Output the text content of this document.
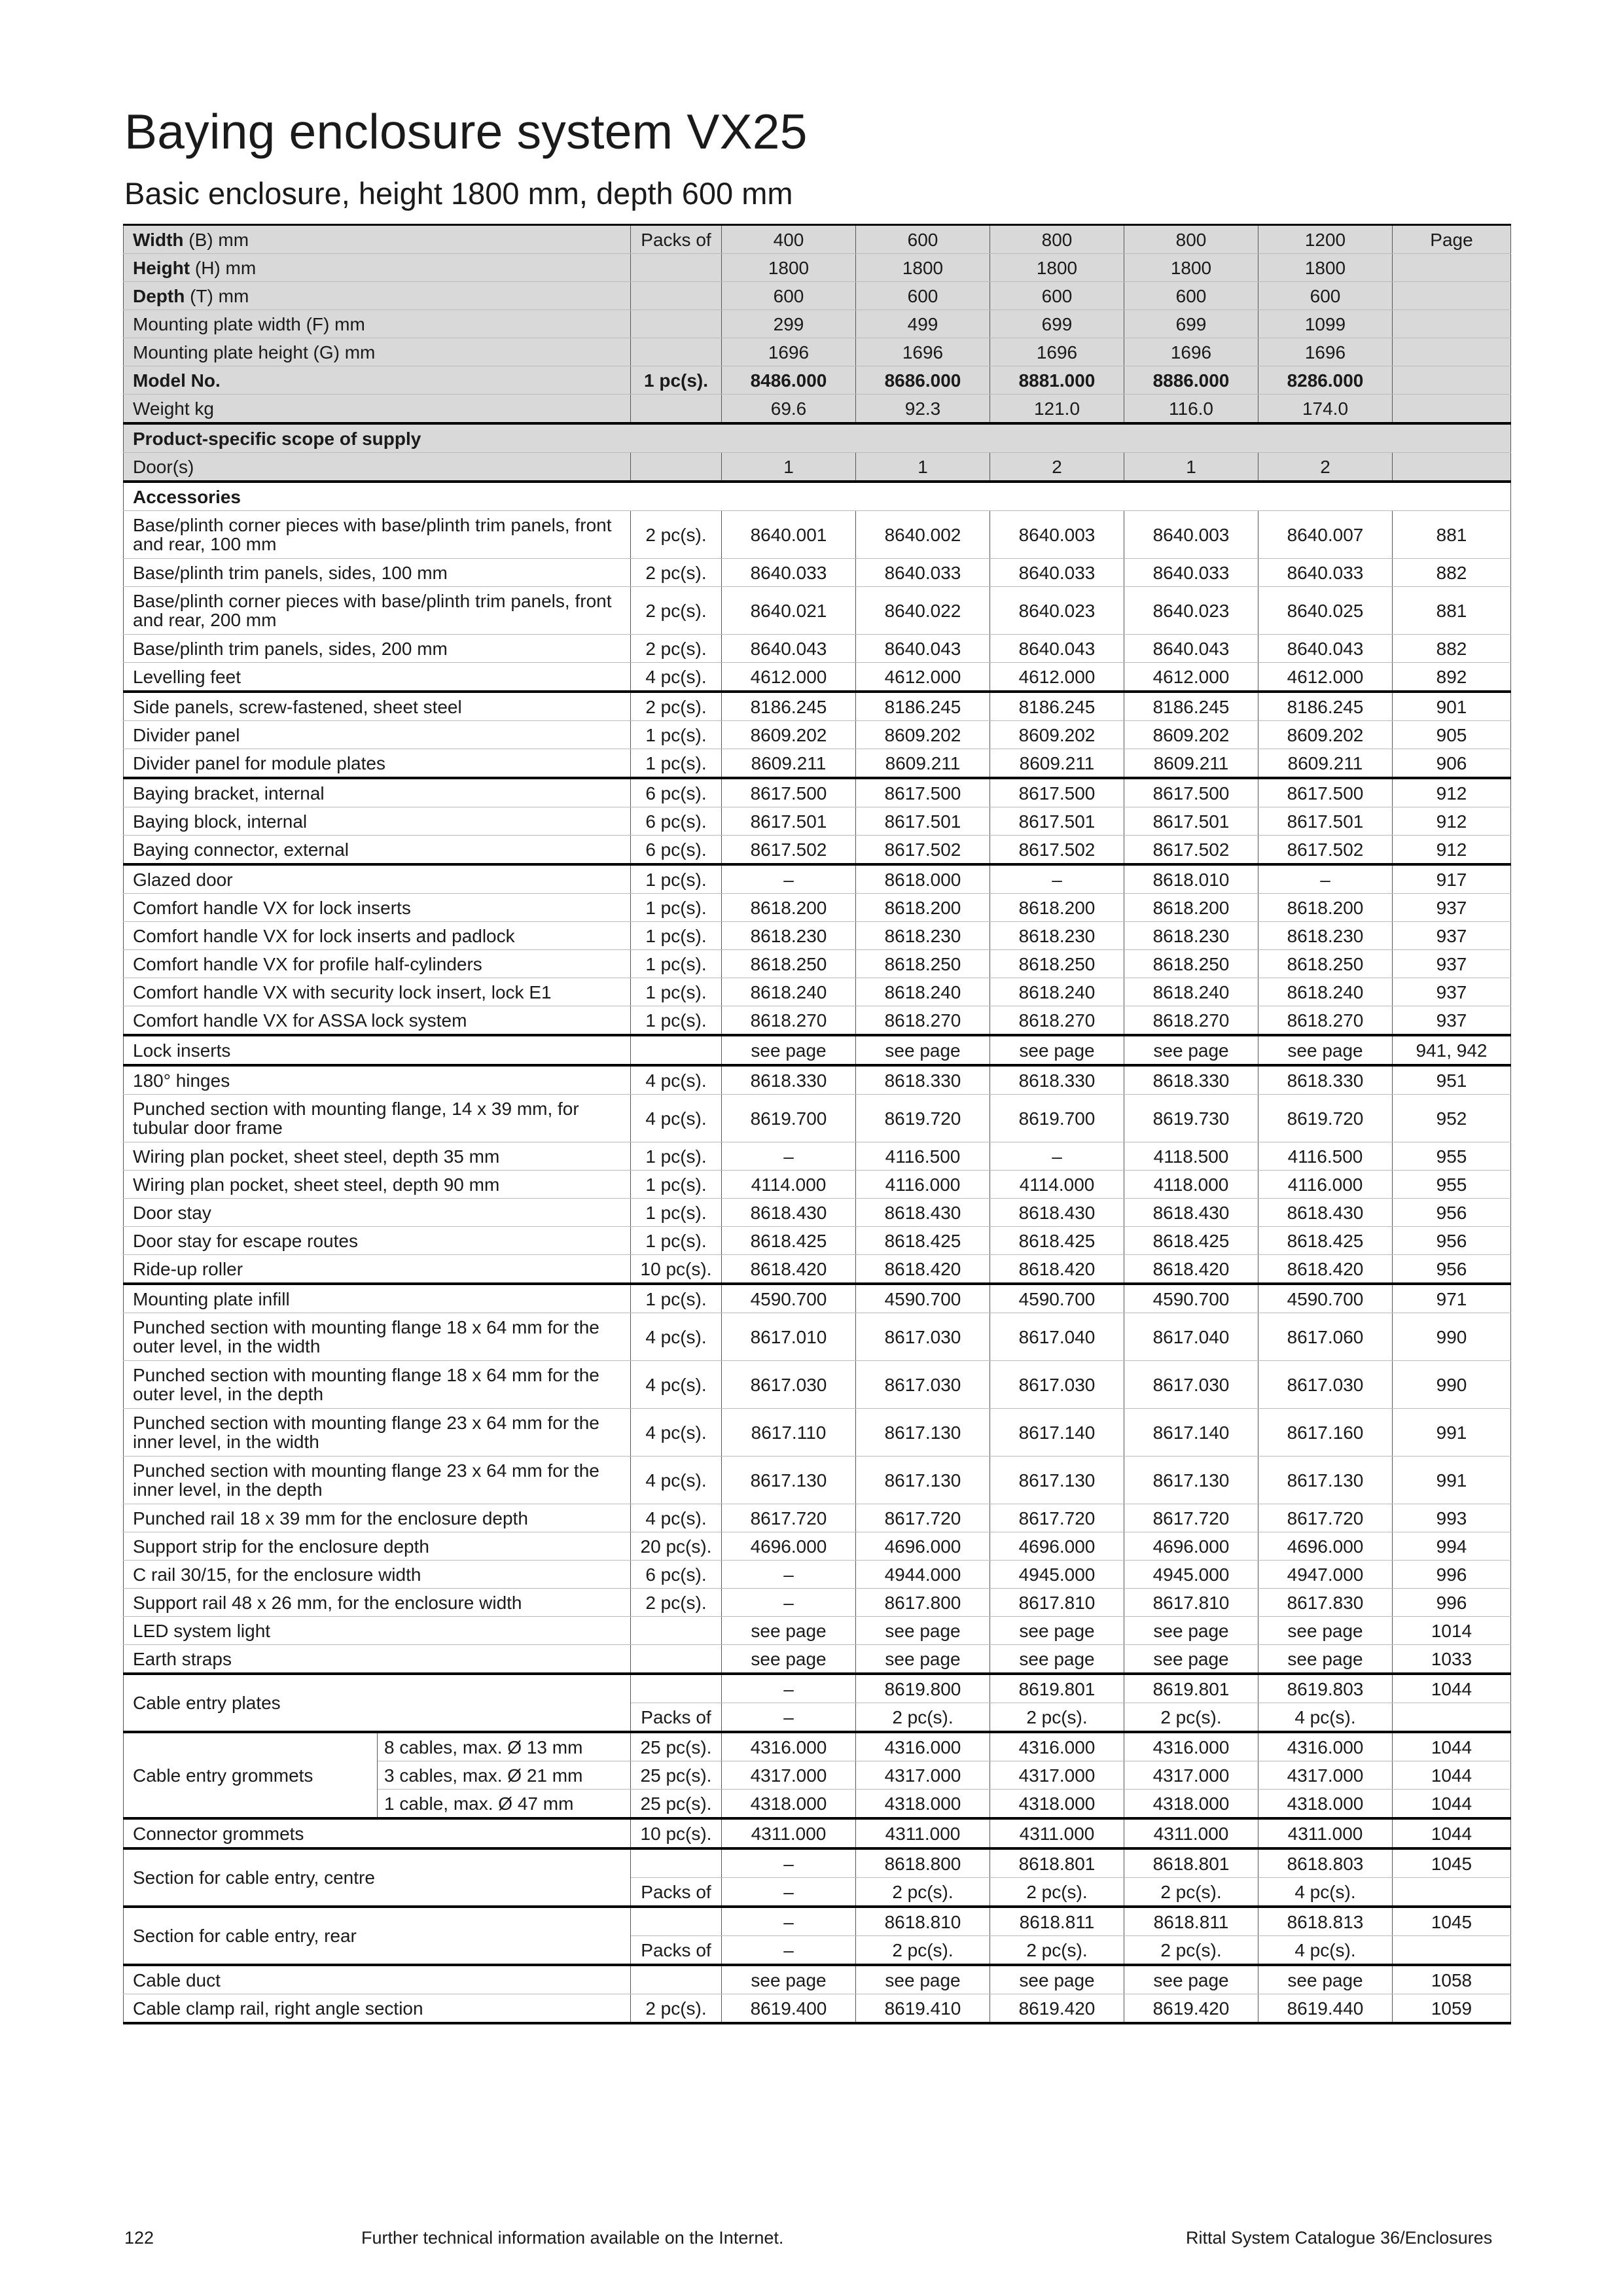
Baying enclosure system VX25
Basic enclosure, height 1800 mm, depth 600 mm
Width (B) mm		Packs of	400	600	800	800	1200	Page
Height (H) mm			1800	1800	1800	1800	1800	
Depth (T) mm			600	600	600	600	600	
Mounting plate width (F) mm			299	499	699	699	1099	
Mounting plate height (G) mm			1696	1696	1696	1696	1696	
Model No.		1 pc(s).	8486.000	8686.000	8881.000	8886.000	8286.000	
Weight kg			69.6	92.3	121.0	116.0	174.0	
Product-specific scope of supply								
Door(s)			1	1	2	1	2	
Accessories								
Base/plinth corner pieces with base/plinth trim panels, front and rear, 100 mm		2 pc(s).	8640.001	8640.002	8640.003	8640.003	8640.007	881
Base/plinth trim panels, sides, 100 mm		2 pc(s).	8640.033	8640.033	8640.033	8640.033	8640.033	882
Base/plinth corner pieces with base/plinth trim panels, front and rear, 200 mm		2 pc(s).	8640.021	8640.022	8640.023	8640.023	8640.025	881
Base/plinth trim panels, sides, 200 mm		2 pc(s).	8640.043	8640.043	8640.043	8640.043	8640.043	882
Levelling feet		4 pc(s).	4612.000	4612.000	4612.000	4612.000	4612.000	892
Side panels, screw-fastened, sheet steel		2 pc(s).	8186.245	8186.245	8186.245	8186.245	8186.245	901
Divider panel		1 pc(s).	8609.202	8609.202	8609.202	8609.202	8609.202	905
Divider panel for module plates		1 pc(s).	8609.211	8609.211	8609.211	8609.211	8609.211	906
Baying bracket, internal		6 pc(s).	8617.500	8617.500	8617.500	8617.500	8617.500	912
Baying block, internal		6 pc(s).	8617.501	8617.501	8617.501	8617.501	8617.501	912
Baying connector, external		6 pc(s).	8617.502	8617.502	8617.502	8617.502	8617.502	912
Glazed door		1 pc(s).	–	8618.000	–	8618.010	–	917
Comfort handle VX for lock inserts		1 pc(s).	8618.200	8618.200	8618.200	8618.200	8618.200	937
Comfort handle VX for lock inserts and padlock		1 pc(s).	8618.230	8618.230	8618.230	8618.230	8618.230	937
Comfort handle VX for profile half-cylinders		1 pc(s).	8618.250	8618.250	8618.250	8618.250	8618.250	937
Comfort handle VX with security lock insert, lock E1		1 pc(s).	8618.240	8618.240	8618.240	8618.240	8618.240	937
Comfort handle VX for ASSA lock system		1 pc(s).	8618.270	8618.270	8618.270	8618.270	8618.270	937
Lock inserts			see page	see page	see page	see page	see page	941, 942
180° hinges		4 pc(s).	8618.330	8618.330	8618.330	8618.330	8618.330	951
Punched section with mounting flange, 14 x 39 mm, for tubular door frame		4 pc(s).	8619.700	8619.720	8619.700	8619.730	8619.720	952
Wiring plan pocket, sheet steel, depth 35 mm		1 pc(s).	–	4116.500	–	4118.500	4116.500	955
Wiring plan pocket, sheet steel, depth 90 mm		1 pc(s).	4114.000	4116.000	4114.000	4118.000	4116.000	955
Door stay		1 pc(s).	8618.430	8618.430	8618.430	8618.430	8618.430	956
Door stay for escape routes		1 pc(s).	8618.425	8618.425	8618.425	8618.425	8618.425	956
Ride-up roller		10 pc(s).	8618.420	8618.420	8618.420	8618.420	8618.420	956
Mounting plate infill		1 pc(s).	4590.700	4590.700	4590.700	4590.700	4590.700	971
Punched section with mounting flange 18 x 64 mm for the outer level, in the width		4 pc(s).	8617.010	8617.030	8617.040	8617.040	8617.060	990
Punched section with mounting flange 18 x 64 mm for the outer level, in the depth		4 pc(s).	8617.030	8617.030	8617.030	8617.030	8617.030	990
Punched section with mounting flange 23 x 64 mm for the inner level, in the width		4 pc(s).	8617.110	8617.130	8617.140	8617.140	8617.160	991
Punched section with mounting flange 23 x 64 mm for the inner level, in the depth		4 pc(s).	8617.130	8617.130	8617.130	8617.130	8617.130	991
Punched rail 18 x 39 mm for the enclosure depth		4 pc(s).	8617.720	8617.720	8617.720	8617.720	8617.720	993
Support strip for the enclosure depth		20 pc(s).	4696.000	4696.000	4696.000	4696.000	4696.000	994
C rail 30/15, for the enclosure width		6 pc(s).	–	4944.000	4945.000	4945.000	4947.000	996
Support rail 48 x 26 mm, for the enclosure width		2 pc(s).	–	8617.800	8617.810	8617.810	8617.830	996
LED system light			see page	see page	see page	see page	see page	1014
Earth straps			see page	see page	see page	see page	see page	1033
Cable entry plates			–	8619.800	8619.801	8619.801	8619.803	1044
		Packs of	–	2 pc(s).	2 pc(s).	2 pc(s).	4 pc(s).	
Cable entry grommets	8 cables, max. Ø 13 mm	25 pc(s).	4316.000	4316.000	4316.000	4316.000	4316.000	1044
	3 cables, max. Ø 21 mm	25 pc(s).	4317.000	4317.000	4317.000	4317.000	4317.000	1044
	1 cable, max. Ø 47 mm	25 pc(s).	4318.000	4318.000	4318.000	4318.000	4318.000	1044
Connector grommets		10 pc(s).	4311.000	4311.000	4311.000	4311.000	4311.000	1044
Section for cable entry, centre			–	8618.800	8618.801	8618.801	8618.803	1045
		Packs of	–	2 pc(s).	2 pc(s).	2 pc(s).	4 pc(s).	
Section for cable entry, rear			–	8618.810	8618.811	8618.811	8618.813	1045
		Packs of	–	2 pc(s).	2 pc(s).	2 pc(s).	4 pc(s).	
Cable duct			see page	see page	see page	see page	see page	1058
Cable clamp rail, right angle section		2 pc(s).	8619.400	8619.410	8619.420	8619.420	8619.440	1059
122	Further technical information available on the Internet.	Rittal System Catalogue 36/Enclosures
